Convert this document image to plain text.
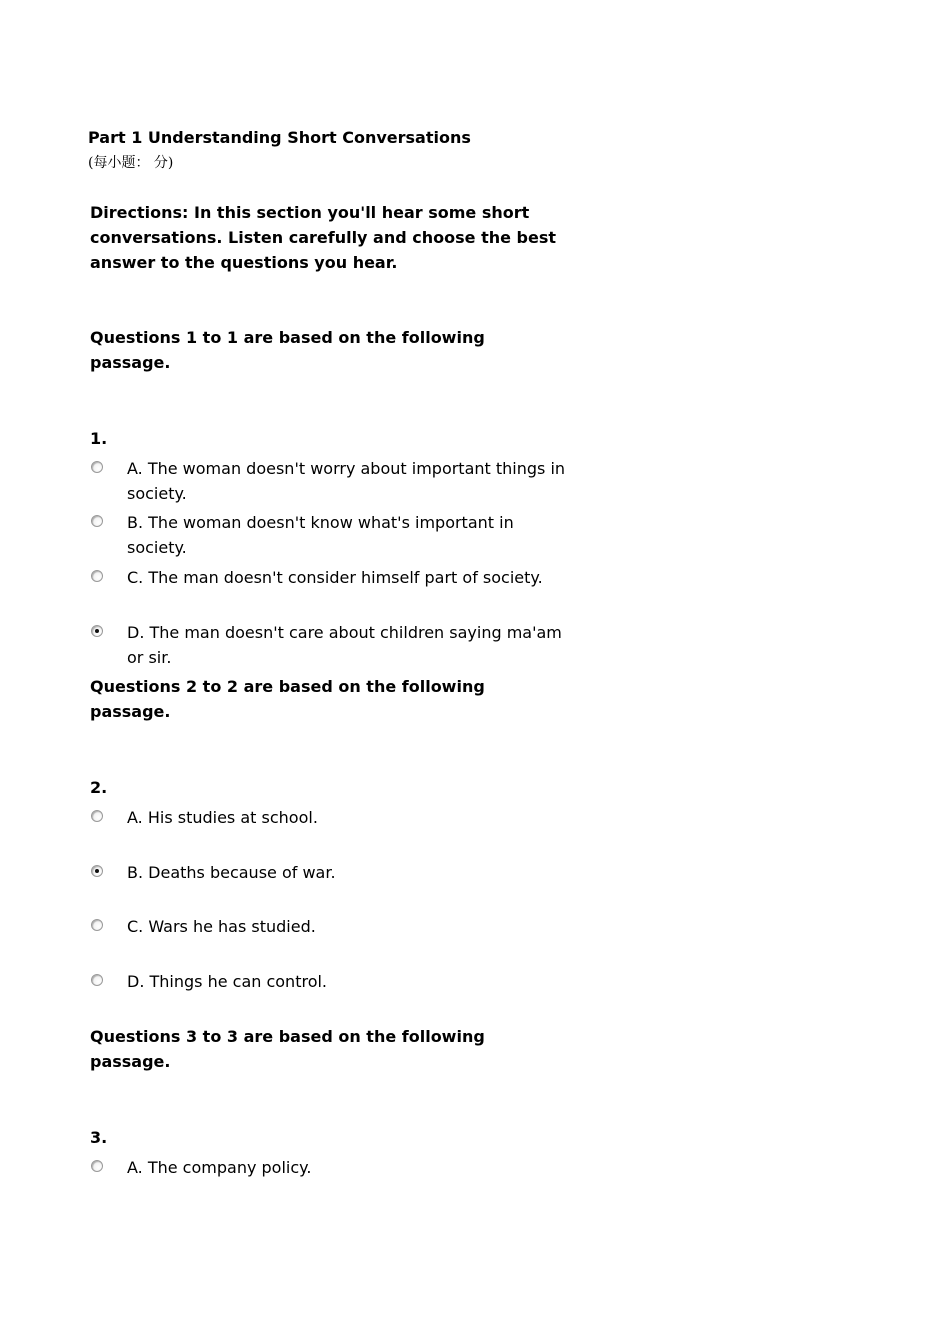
Part 1 Understanding Short Conversations
(每小题： 分)
Directions: In this section you'll hear some short conversations. Listen carefully and choose the best answer to the questions you hear.
Questions 1 to 1 are based on the following passage.
1.
A. The woman doesn't worry about important things in society.
B. The woman doesn't know what's important in society.
C. The man doesn't consider himself part of society.
D. The man doesn't care about children saying ma'am or sir.
Questions 2 to 2 are based on the following passage.
2.
A. His studies at school.
B. Deaths because of war.
C. Wars he has studied.
D. Things he can control.
Questions 3 to 3 are based on the following passage.
3.
A. The company policy.
